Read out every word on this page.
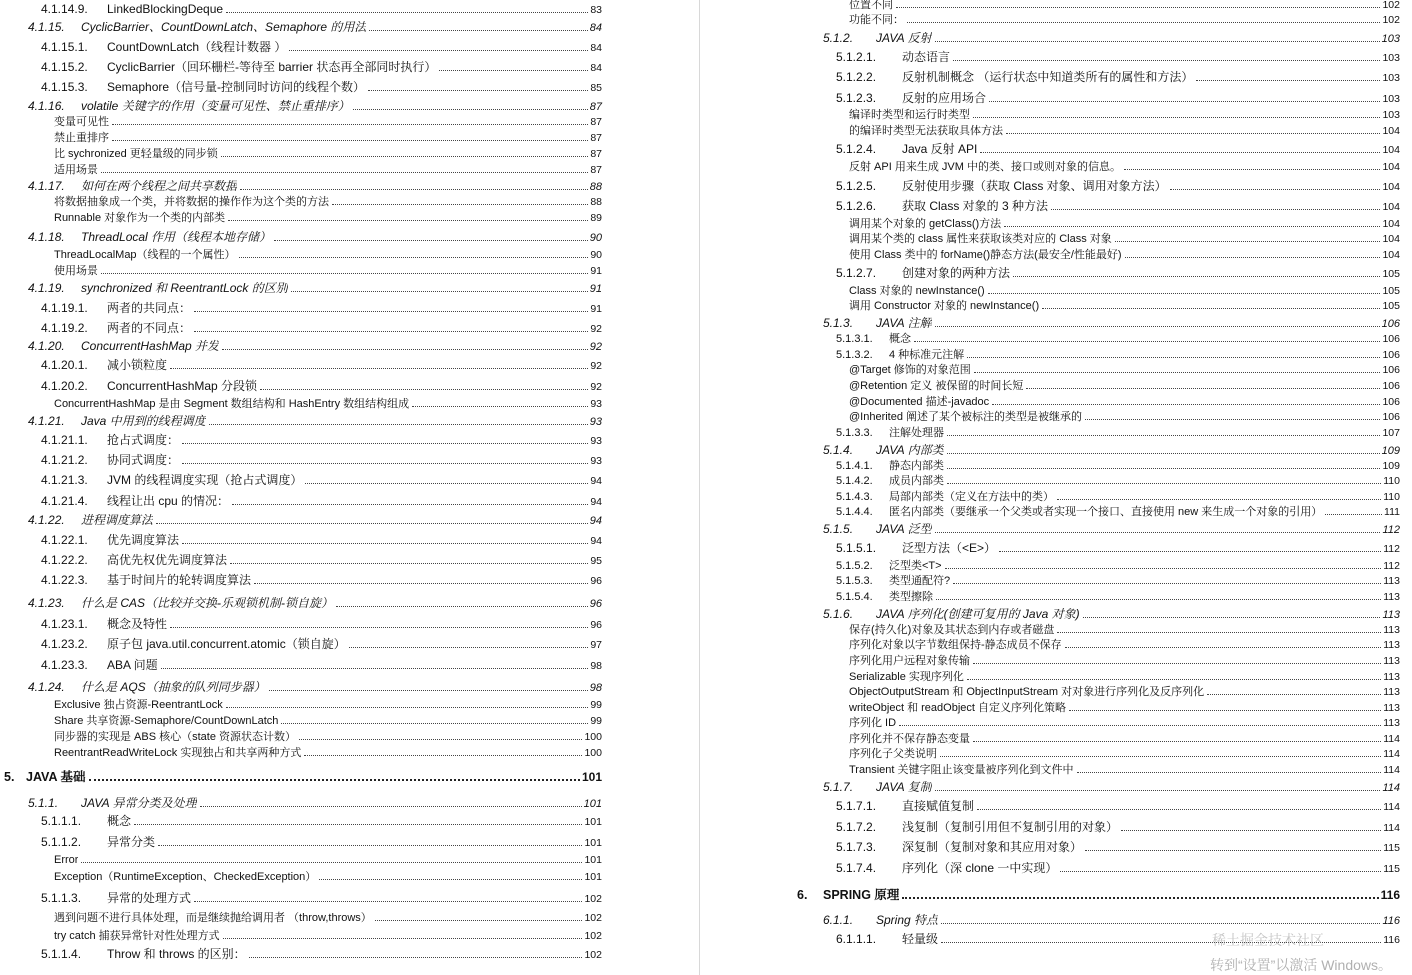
4.1.14.9.	LinkedBlockingDeque	83
4.1.15.	CyclicBarrier、CountDownLatch、Semaphore 的用法	84
4.1.15.1.	CountDownLatch（线程计数器 ）	84
4.1.15.2.	CyclicBarrier（回环栅栏-等待至 barrier 状态再全部同时执行）	84
4.1.15.3.	Semaphore（信号量-控制同时访问的线程个数）	85
4.1.16.	volatile 关键字的作用（变量可见性、禁止重排序）	87
变量可见性	87
禁止重排序	87
比 sychronized 更轻量级的同步锁	87
适用场景	87
4.1.17.	如何在两个线程之间共享数据	88
将数据抽象成一个类，并将数据的操作作为这个类的方法	88
Runnable 对象作为一个类的内部类	89
4.1.18.	ThreadLocal 作用（线程本地存储）	90
ThreadLocalMap（线程的一个属性）	90
使用场景	91
4.1.19.	synchronized 和 ReentrantLock 的区别	91
4.1.19.1.	两者的共同点：	91
4.1.19.2.	两者的不同点：	92
4.1.20.	ConcurrentHashMap 并发	92
4.1.20.1.	减小锁粒度	92
4.1.20.2.	ConcurrentHashMap 分段锁	92
ConcurrentHashMap 是由 Segment 数组结构和 HashEntry 数组结构组成	93
4.1.21.	Java 中用到的线程调度	93
4.1.21.1.	抢占式调度：	93
4.1.21.2.	协同式调度：	93
4.1.21.3.	JVM 的线程调度实现（抢占式调度）	94
4.1.21.4.	线程让出 cpu 的情况：	94
4.1.22.	进程调度算法	94
4.1.22.1.	优先调度算法	94
4.1.22.2.	高优先权优先调度算法	95
4.1.22.3.	基于时间片的轮转调度算法	96
4.1.23.	什么是 CAS（比较并交换-乐观锁机制-锁自旋）	96
4.1.23.1.	概念及特性	96
4.1.23.2.	原子包 java.util.concurrent.atomic（锁自旋）	97
4.1.23.3.	ABA 问题	98
4.1.24.	什么是 AQS（抽象的队列同步器）	98
Exclusive 独占资源-ReentrantLock	99
Share 共享资源-Semaphore/CountDownLatch	99
同步器的实现是 ABS 核心（state 资源状态计数）	100
ReentrantReadWriteLock 实现独占和共享两种方式	100
5. JAVA 基础	101
5.1.1.	JAVA 异常分类及处理	101
5.1.1.1.	概念	101
5.1.1.2.	异常分类	101
Error	101
Exception（RuntimeException、CheckedException）	101
5.1.1.3.	异常的处理方式	102
遇到问题不进行具体处理，而是继续抛给调用者 （throw,throws）	102
try catch 捕获异常针对性处理方式	102
5.1.1.4.	Throw 和 throws 的区别：	102
位置不同	102
功能不同：	102
5.1.2.	JAVA 反射	103
5.1.2.1.	动态语言	103
5.1.2.2.	反射机制概念 （运行状态中知道类所有的属性和方法）	103
5.1.2.3.	反射的应用场合	103
编译时类型和运行时类型	103
的编译时类型无法获取具体方法	104
5.1.2.4.	Java 反射 API	104
反射 API 用来生成 JVM 中的类、接口或则对象的信息。	104
5.1.2.5.	反射使用步骤（获取 Class 对象、调用对象方法）	104
5.1.2.6.	获取 Class 对象的 3 种方法	104
调用某个对象的 getClass()方法	104
调用某个类的 class 属性来获取该类对应的 Class 对象	104
使用 Class 类中的 forName()静态方法(最安全/性能最好)	104
5.1.2.7.	创建对象的两种方法	105
Class 对象的 newInstance()	105
调用 Constructor 对象的 newInstance()	105
5.1.3.	JAVA 注解	106
5.1.3.1.	概念	106
5.1.3.2.	4 种标准元注解	106
@Target 修饰的对象范围	106
@Retention 定义 被保留的时间长短	106
@Documented 描述-javadoc	106
@Inherited 阐述了某个被标注的类型是被继承的	106
5.1.3.3.	注解处理器	107
5.1.4.	JAVA 内部类	109
5.1.4.1.	静态内部类	109
5.1.4.2.	成员内部类	110
5.1.4.3.	局部内部类（定义在方法中的类）	110
5.1.4.4.	匿名内部类（要继承一个父类或者实现一个接口、直接使用 new 来生成一个对象的引用）	111
5.1.5.	JAVA 泛型	112
5.1.5.1.	泛型方法（<E>）	112
5.1.5.2.	泛型类<T>	112
5.1.5.3.	类型通配符?	113
5.1.5.4.	类型擦除	113
5.1.6.	JAVA 序列化(创建可复用的 Java 对象)	113
保存(持久化)对象及其状态到内存或者磁盘	113
序列化对象以字节数组保持-静态成员不保存	113
序列化用户远程对象传输	113
Serializable 实现序列化	113
ObjectOutputStream 和 ObjectInputStream 对对象进行序列化及反序列化	113
writeObject 和 readObject 自定义序列化策略	113
序列化 ID	113
序列化并不保存静态变量	114
序列化子父类说明	114
Transient 关键字阻止该变量被序列化到文件中	114
5.1.7.	JAVA 复制	114
5.1.7.1.	直接赋值复制	114
5.1.7.2.	浅复制（复制引用但不复制引用的对象）	114
5.1.7.3.	深复制（复制对象和其应用对象）	115
5.1.7.4.	序列化（深 clone 一中实现）	115
6.	SPRING 原理	116
6.1.1.	Spring 特点	116
6.1.1.1.	轻量级	116
稀土掘金技术社区
转到“设置”以激活 Windows。
